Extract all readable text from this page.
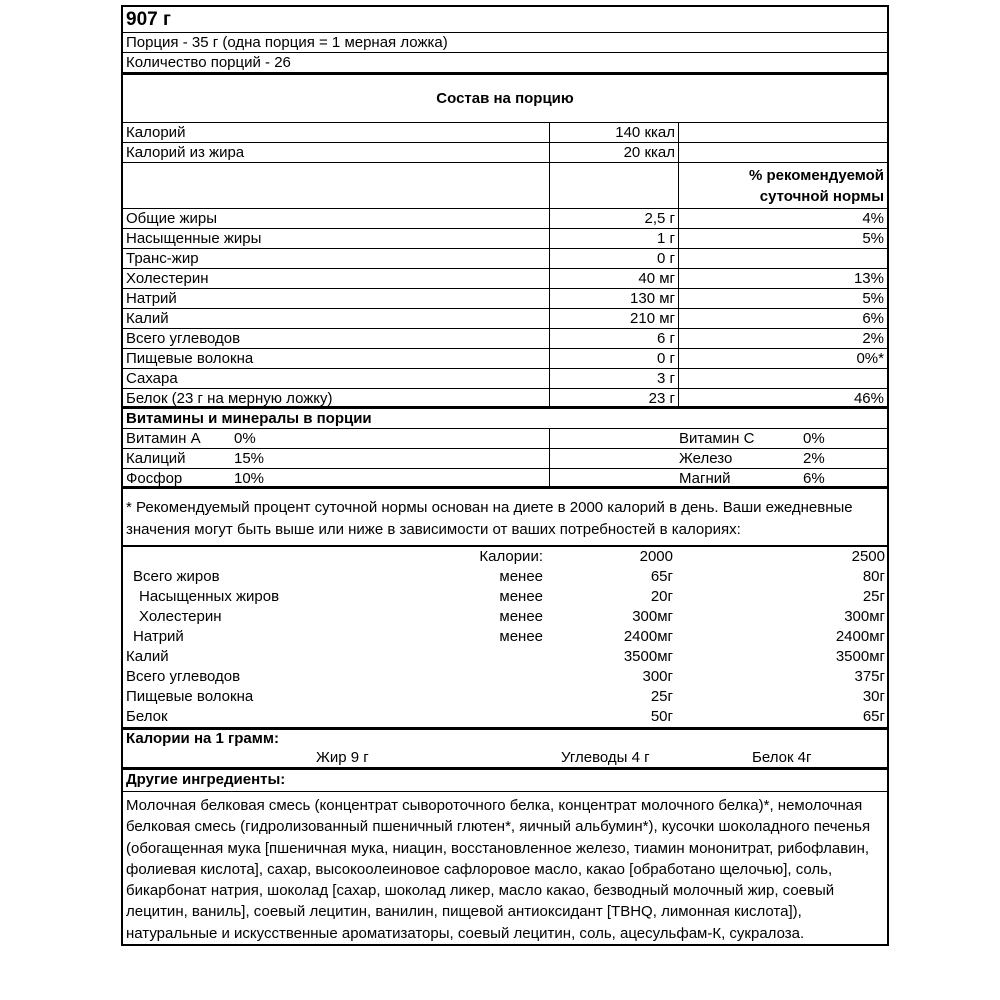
907 г
Порция - 35 г (одна порция = 1 мерная ложка)
Количество порций - 26
Состав на порцию
Калорий	140 ккал
Калорий из жира	20 ккал
% рекомендуемой
суточной нормы
Общие жиры	2,5 г	4%
Насыщенные жиры	1 г	5%
Транс-жир	0 г
Холестерин	40 мг	13%
Натрий	130 мг	5%
Калий	210 мг	6%
Всего углеводов	6 г	2%
Пищевые волокна	0 г	0%*
Сахара	3 г
Белок (23 г на мерную ложку)	23 г	46%
Витамины и минералы в порции
Витамин А 0%	Витамин С	0%
Калиций	15%	Железо	2%
Фосфор	10%	Магний	6%
* Рекомендуемый процент суточной нормы основан на диете в 2000 калорий в день. Ваши ежедневные значения могут быть выше или ниже в зависимости от ваших потребностей в калориях:
Калории:	2000	2500
Всего жиров	менее	65г	80г
Насыщенных жиров	менее	20г	25г
Холестерин	менее	300мг	300мг
Натрий	менее	2400мг	2400мг
Калий	3500мг	3500мг
Всего углеводов	300г	375г
Пищевые волокна	25г	30г
Белок	50г	65г
Калории на 1 грамм:
Жир 9 г	Углеводы 4 г	Белок 4г
Другие ингредиенты:
Молочная белковая смесь (концентрат сывороточного белка, концентрат молочного белка)*, немолочная белковая смесь (гидролизованный пшеничный глютен*, яичный альбумин*), кусочки шоколадного печенья (обогащенная мука [пшеничная мука, ниацин, восстановленное железо, тиамин мононитрат, рибофлавин, фолиевая кислота], сахар, высокоолеиновое сафлоровое масло, какао [обработано щелочью], соль, бикарбонат натрия, шоколад [сахар, шоколад ликер, масло какао, безводный молочный жир, соевый лецитин, ваниль], соевый лецитин, ванилин, пищевой антиоксидант [TBHQ, лимонная кислота]), натуральные и искусственные ароматизаторы, соевый лецитин, соль, ацесульфам-К, сукралоза.
